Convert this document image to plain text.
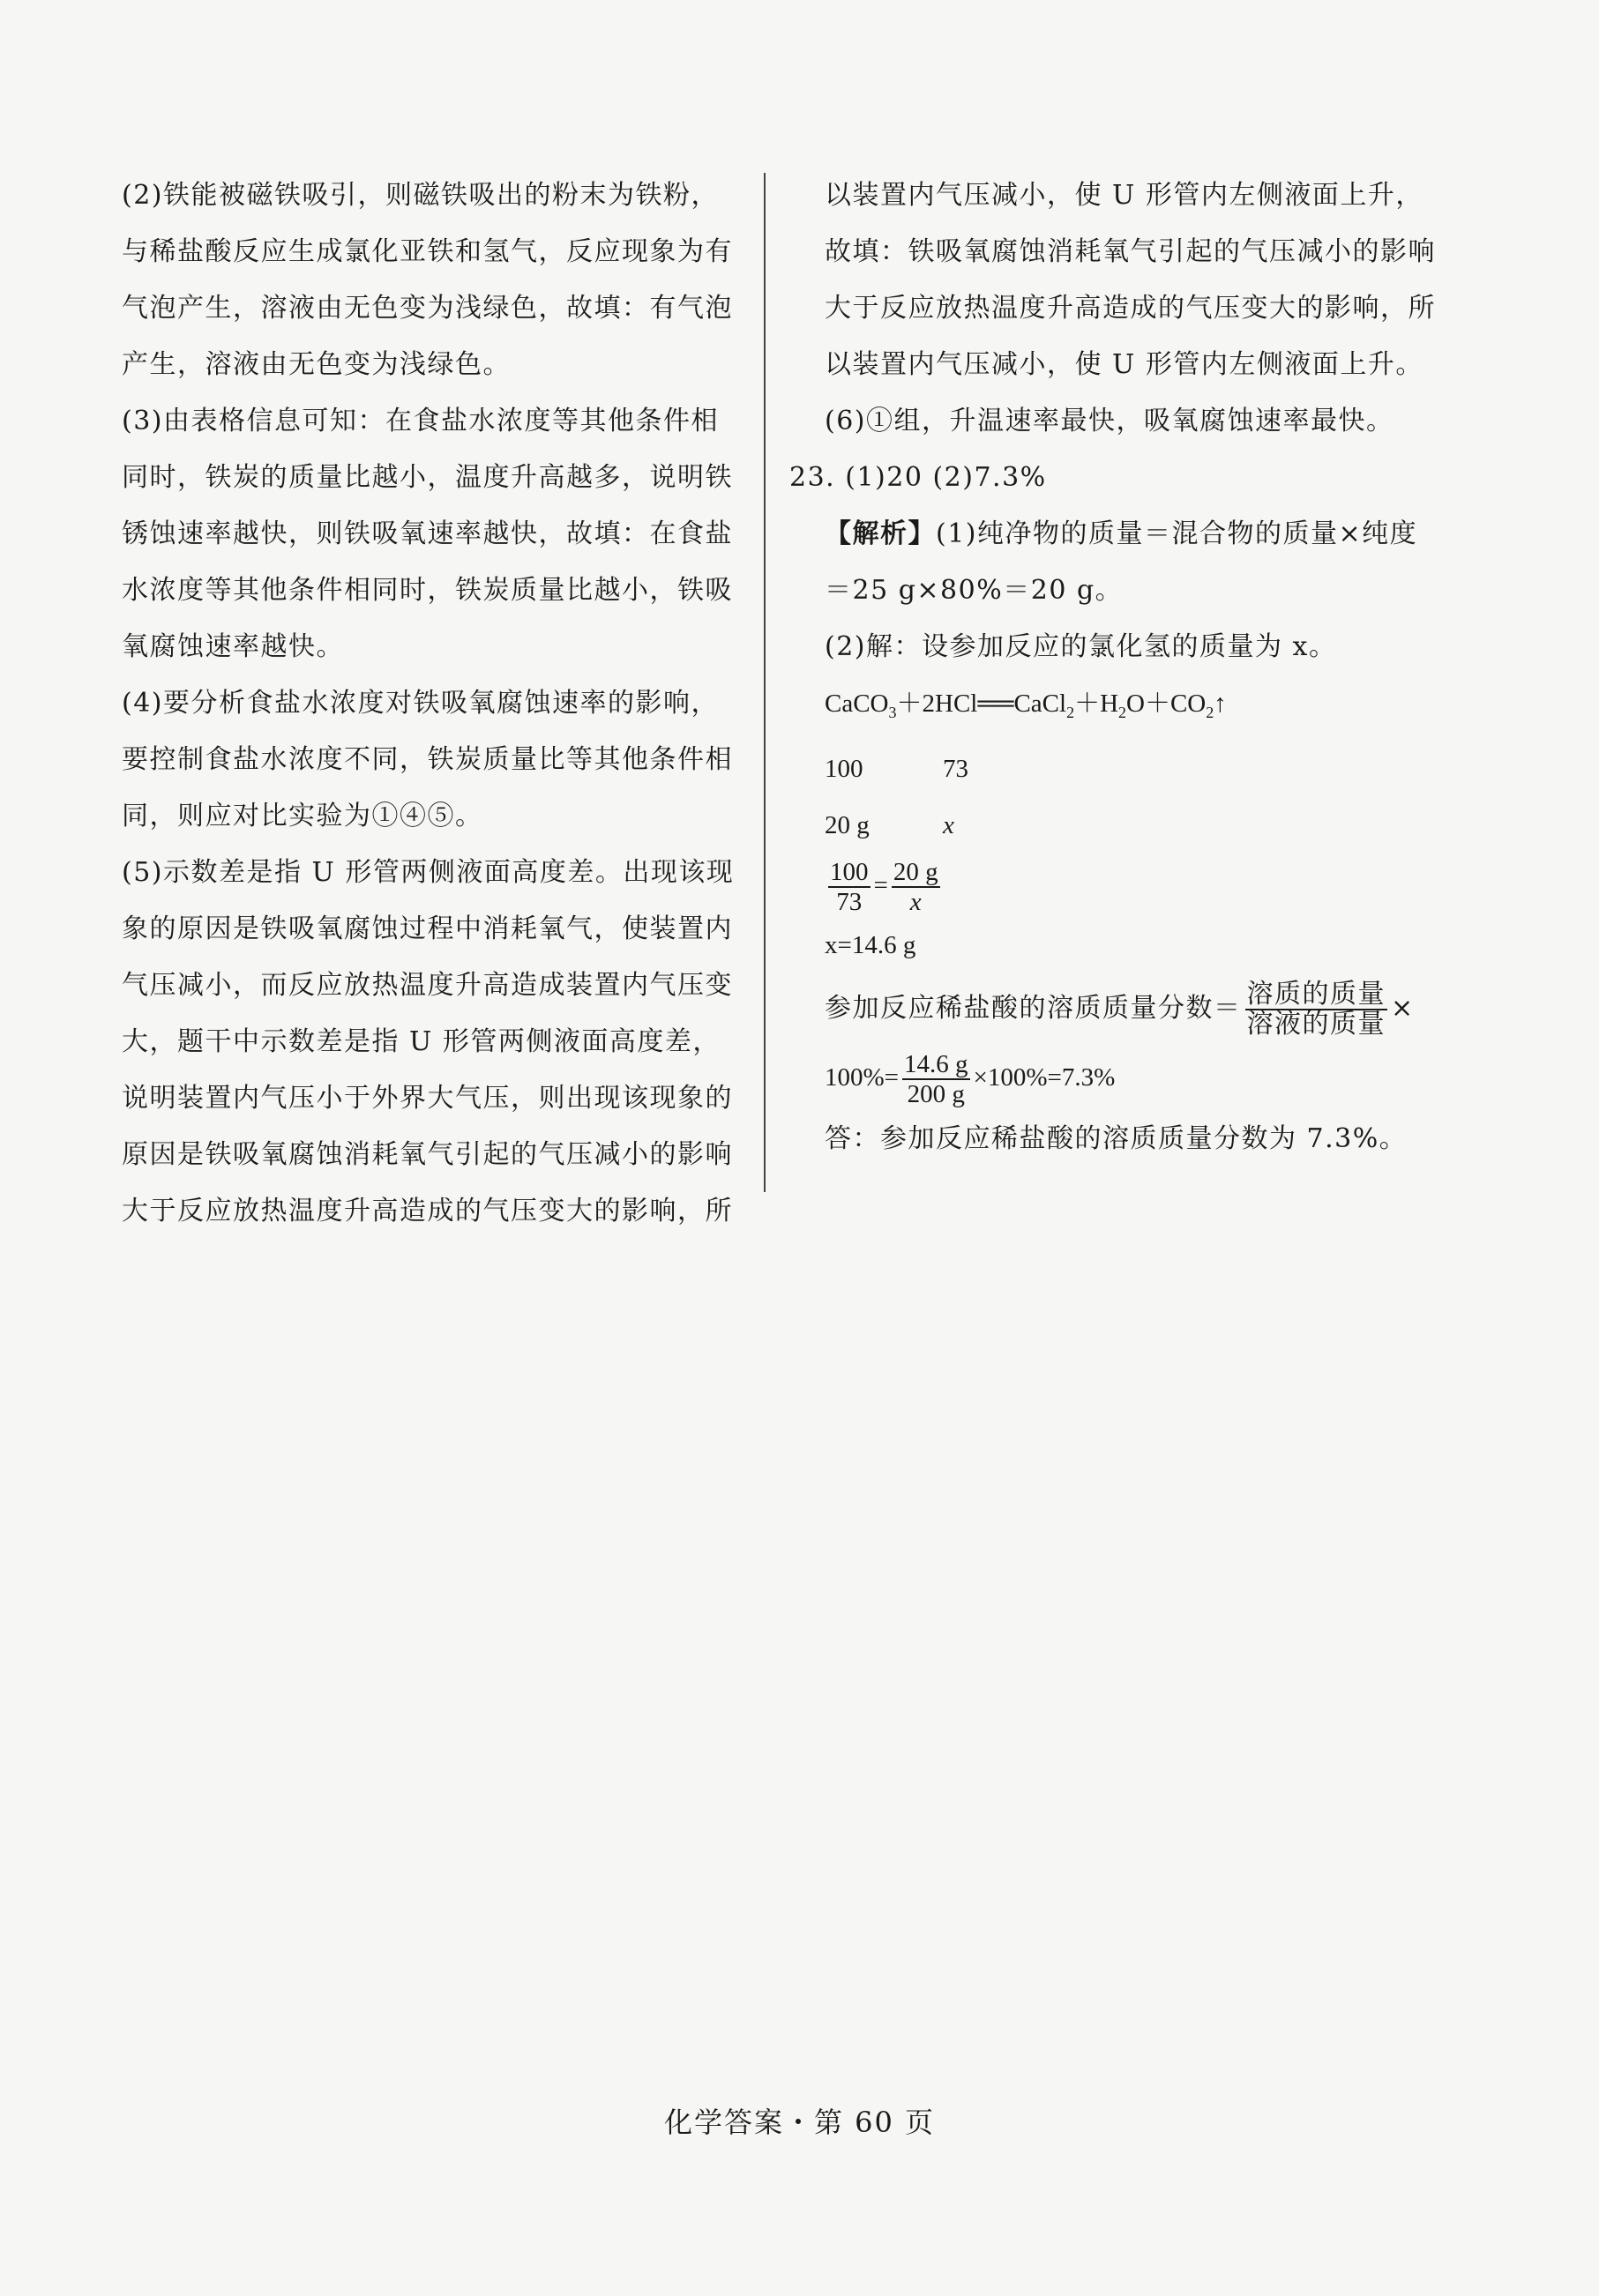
(2)铁能被磁铁吸引，则磁铁吸出的粉末为铁粉，与稀盐酸反应生成氯化亚铁和氢气，反应现象为有气泡产生，溶液由无色变为浅绿色，故填：有气泡产生，溶液由无色变为浅绿色。

(3)由表格信息可知：在食盐水浓度等其他条件相同时，铁炭的质量比越小，温度升高越多，说明铁锈蚀速率越快，则铁吸氧速率越快，故填：在食盐水浓度等其他条件相同时，铁炭质量比越小，铁吸氧腐蚀速率越快。

(4)要分析食盐水浓度对铁吸氧腐蚀速率的影响，要控制食盐水浓度不同，铁炭质量比等其他条件相同，则应对比实验为①④⑤。

(5)示数差是指 U 形管两侧液面高度差。出现该现象的原因是铁吸氧腐蚀过程中消耗氧气，使装置内气压减小，而反应放热温度升高造成装置内气压变大，题干中示数差是指 U 形管两侧液面高度差，说明装置内气压小于外界大气压，则出现该现象的原因是铁吸氧腐蚀消耗氧气引起的气压减小的影响大于反应放热温度升高造成的气压变大的影响，所

以装置内气压减小，使 U 形管内左侧液面上升，故填：铁吸氧腐蚀消耗氧气引起的气压减小的影响大于反应放热温度升高造成的气压变大的影响，所以装置内气压减小，使 U 形管内左侧液面上升。

(6)①组，升温速率最快，吸氧腐蚀速率最快。

23. (1)20 (2)7.3%

【解析】(1)纯净物的质量＝混合物的质量×纯度＝25 g×80%＝20 g。

(2)解：设参加反应的氯化氢的质量为 x。

$CaCO_3+2HCl══CaCl_2+H_2O+CO_2↑$

100	73

20 g	x

$\frac{100}{73} = \frac{20 g}{x}$

x=14.6 g

参加反应稀盐酸的溶质质量分数＝ $\frac{\text{溶质的质量}}{\text{溶液的质量}}$ ×

$100\%= \frac{14.6 g}{200 g} \times 100\%=7.3\%$

答：参加反应稀盐酸的溶质质量分数为 7.3%。

化学答案・第 60 页
